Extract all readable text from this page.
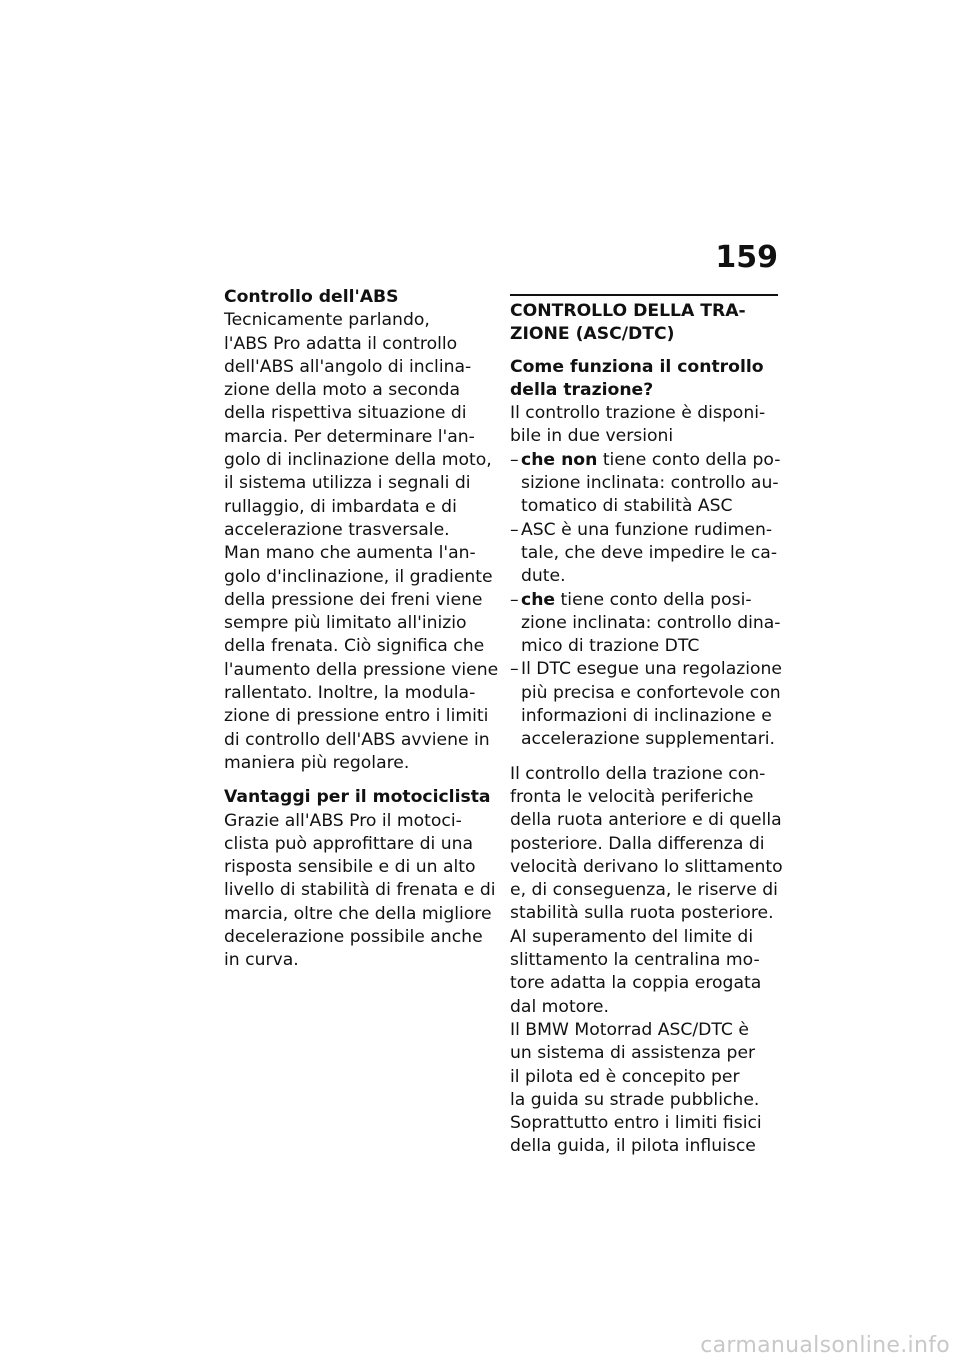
159
Controllo dell'ABS
Tecnicamente parlando,
l'ABS Pro adatta il controllo
dell'ABS all'angolo di inclina-
zione della moto a seconda
della rispettiva situazione di
marcia. Per determinare l'an-
golo di inclinazione della moto,
il sistema utilizza i segnali di
rullaggio, di imbardata e di
accelerazione trasversale.
Man mano che aumenta l'an-
golo d'inclinazione, il gradiente
della pressione dei freni viene
sempre più limitato all'inizio
della frenata. Ciò significa che
l'aumento della pressione viene
rallentato. Inoltre, la modula-
zione di pressione entro i limiti
di controllo dell'ABS avviene in
maniera più regolare.
Vantaggi per il motociclista
Grazie all'ABS Pro il motoci-
clista può approfittare di una
risposta sensibile e di un alto
livello di stabilità di frenata e di
marcia, oltre che della migliore
decelerazione possibile anche
in curva.
CONTROLLO DELLA TRA-
ZIONE (ASC/DTC)
Come funziona il controllo
della trazione?
Il controllo trazione è disponi-
bile in due versioni
– che non tiene conto della po-
sizione inclinata: controllo au-
tomatico di stabilità ASC
– ASC è una funzione rudimen-
tale, che deve impedire le ca-
dute.
– che tiene conto della posi-
zione inclinata: controllo dina-
mico di trazione DTC
– Il DTC esegue una regolazione
più precisa e confortevole con
informazioni di inclinazione e
accelerazione supplementari.
Il controllo della trazione con-
fronta le velocità periferiche
della ruota anteriore e di quella
posteriore. Dalla differenza di
velocità derivano lo slittamento
e, di conseguenza, le riserve di
stabilità sulla ruota posteriore.
Al superamento del limite di
slittamento la centralina mo-
tore adatta la coppia erogata
dal motore.
Il BMW Motorrad ASC/DTC è
un sistema di assistenza per
il pilota ed è concepito per
la guida su strade pubbliche.
Soprattutto entro i limiti fisici
della guida, il pilota influisce
carmanualsonline.info
